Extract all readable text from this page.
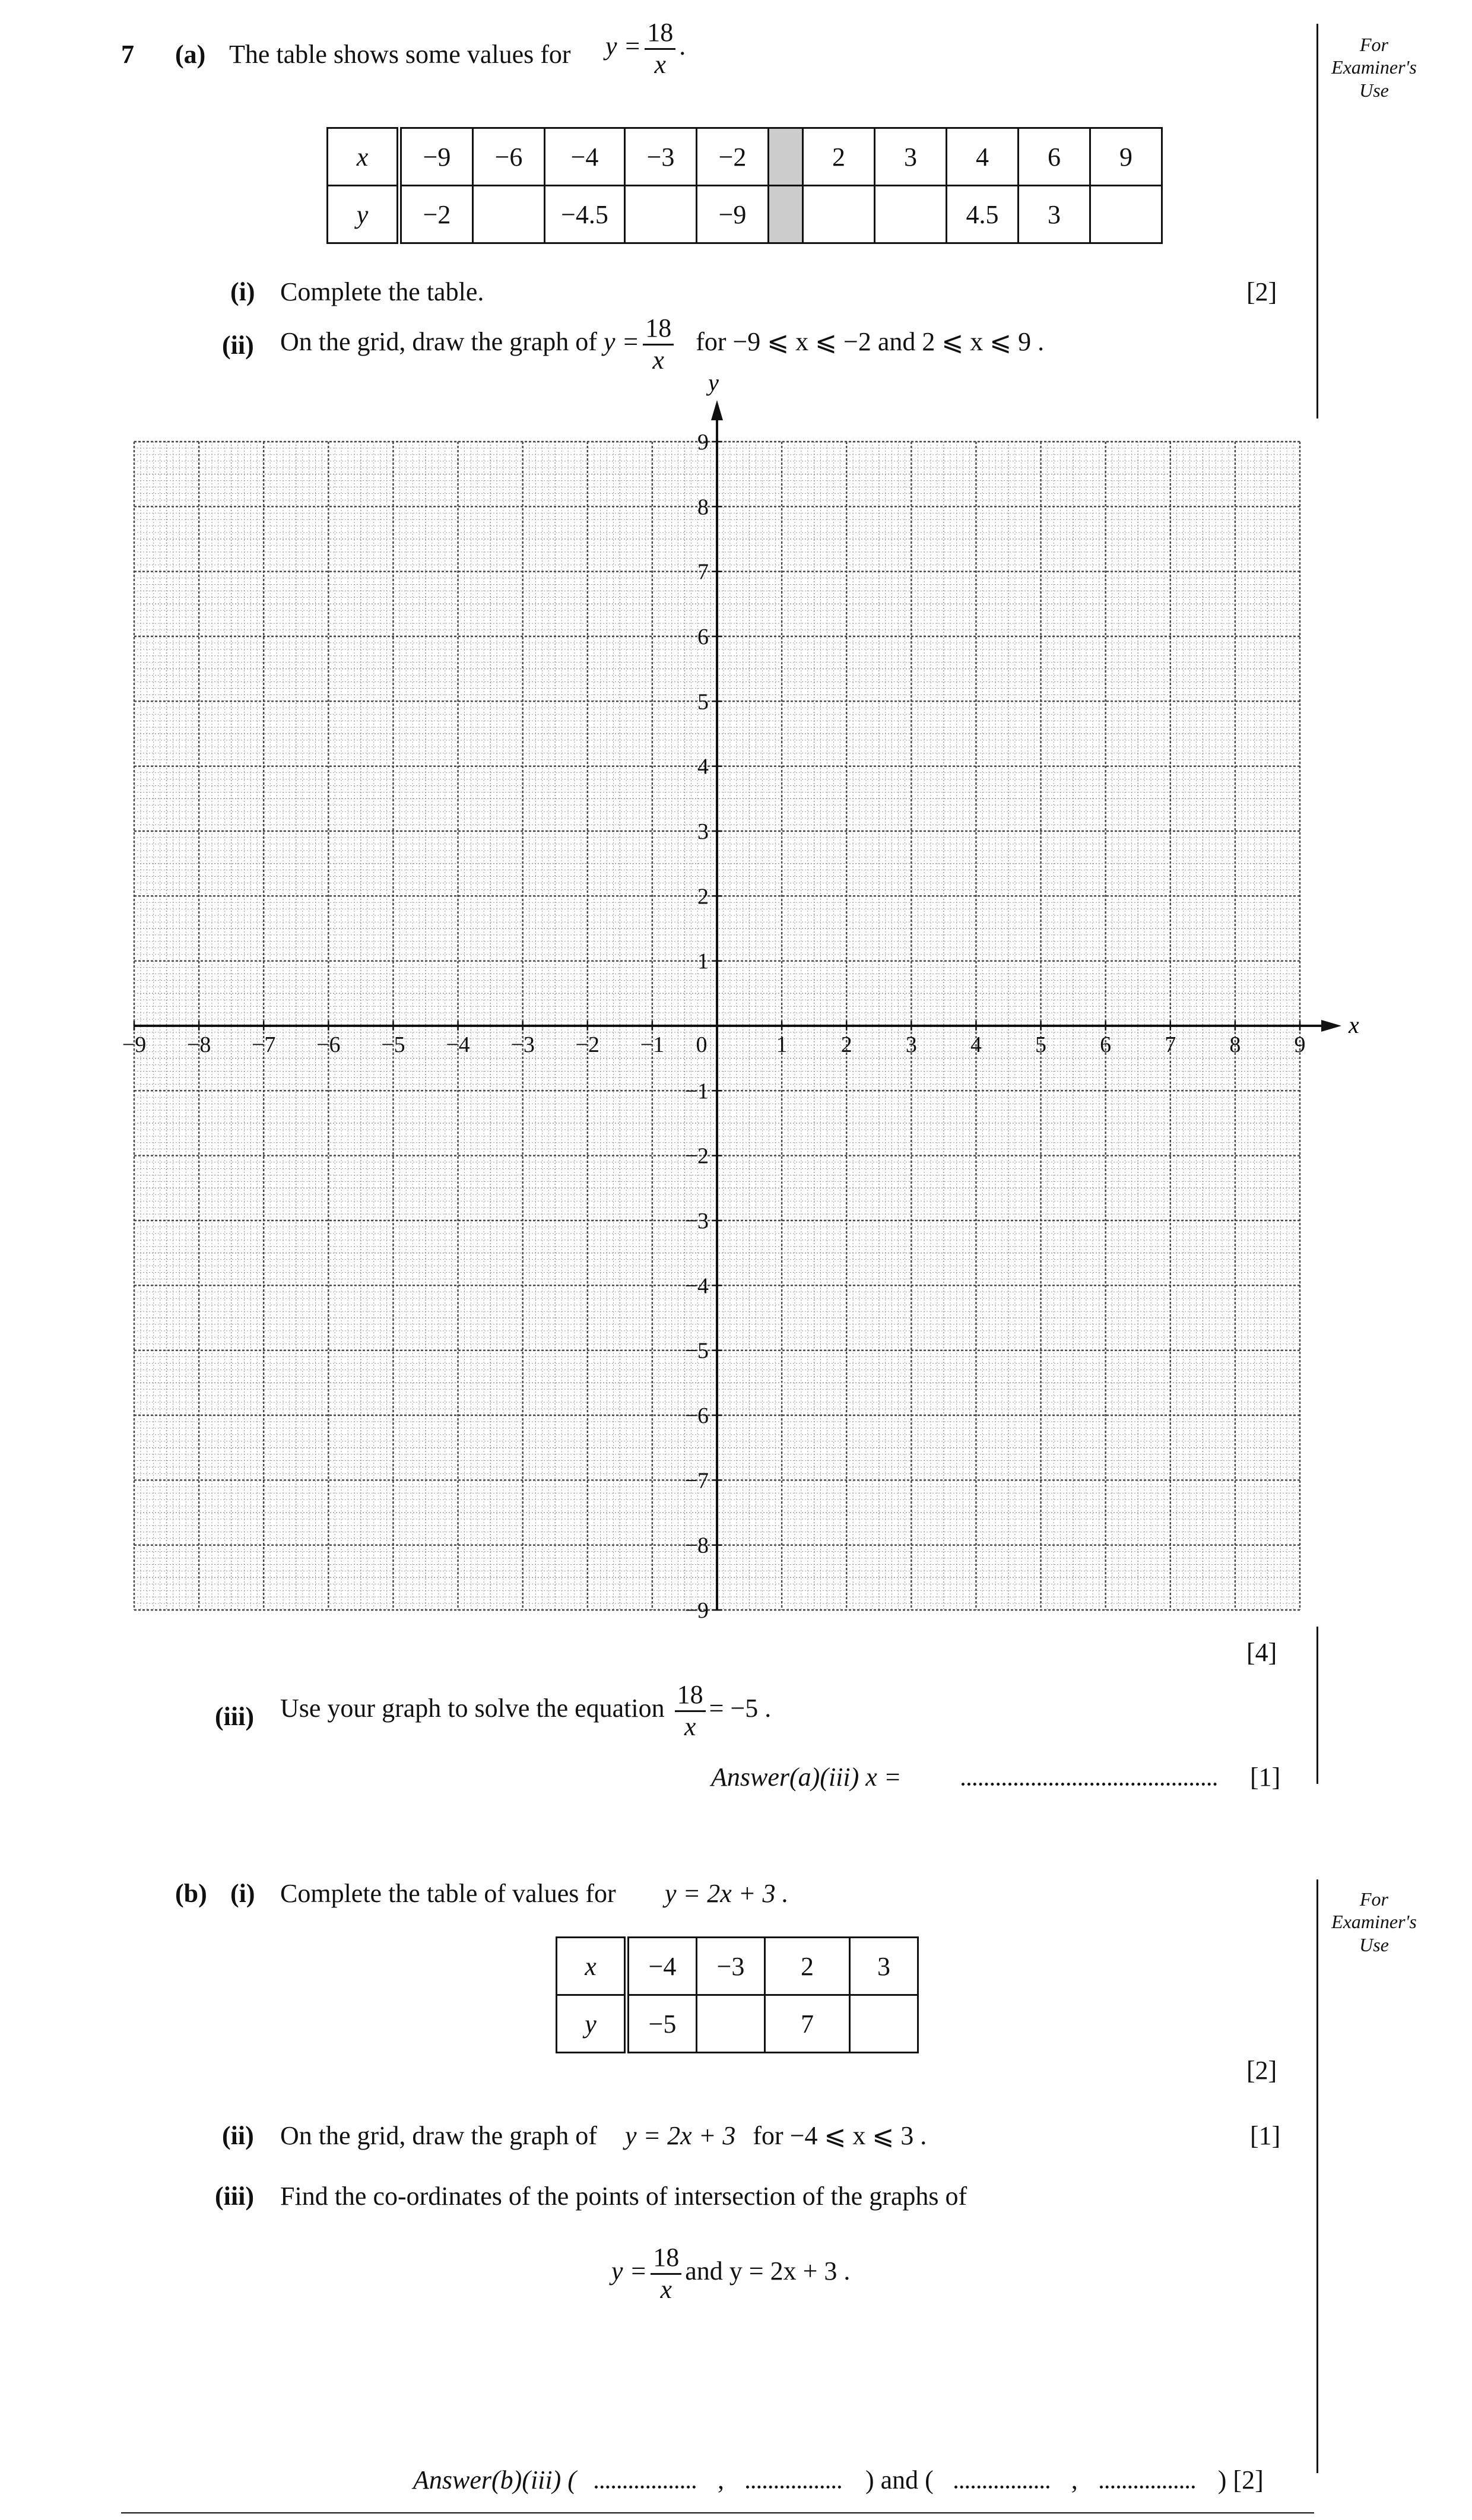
7 (a) The table shows some values for $y = \frac{18}{x}$ .	For
Examiner's
Use
x	−9	−6	−4	−3	−2		2	3	4	6	9
y	−2		−4.5		−9				4.5	3	
(i) Complete the table.	[2]
(ii) On the grid, draw the graph of $y = \frac{18}{x}$ for −9 ⩽ x ⩽ −2 and 2 ⩽ x ⩽ 9 .
x
y
−9 −8 −7 −6 −5 −4 −3 −2 −1 0	1 2 3 4 5 6 7 8 9
9
8
7
6
5
4
3
2
1
−1
−2
−3
−4
−5
−6
−7
−8
−9
[4]
(iii) Use your graph to solve the equation $\frac{18}{x} = -5$ .
Answer(a)(iii) x =	[1]
(b) (i) Complete the table of values for y = 2x + 3 .	For
Examiner's
Use
x	−4	−3	2	3
y	−5		7	
[2]
(ii) On the grid, draw the graph of y = 2x + 3 for −4 ⩽ x ⩽ 3 .	[1]
(iii) Find the co-ordinates of the points of intersection of the graphs of
$y = \frac{18}{x}$ and y = 2x + 3 .
Answer(b)(iii) (	,	) and (	,	) [2]
